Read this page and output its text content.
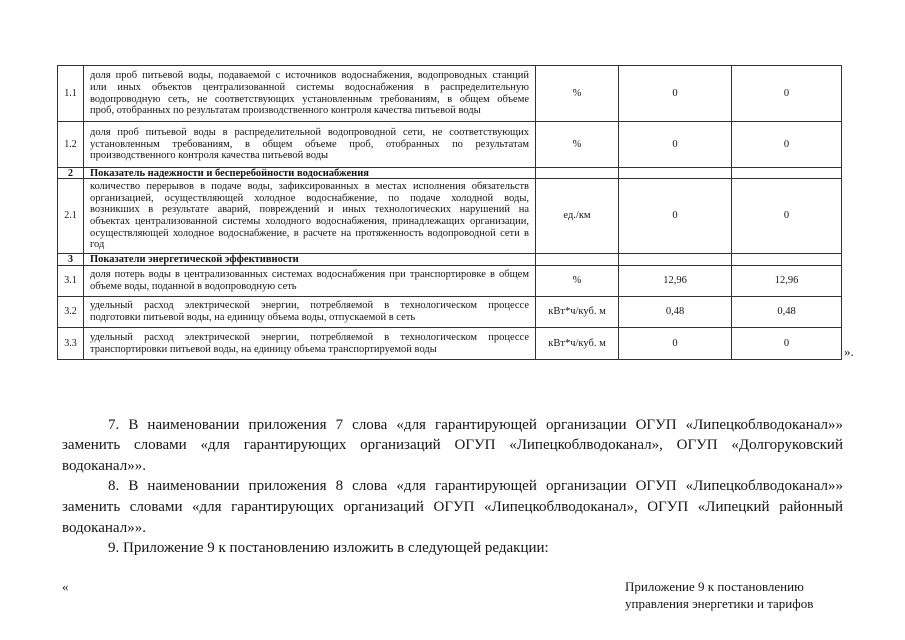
1.1
доля проб питьевой воды, подаваемой с источников водоснабжения, водопроводных станций
или иных объектов централизованной системы водоснабжения в распределительную
водопроводную сеть, не соответствующих установленным требованиям, в общем объеме
проб, отобранных по результатам производственного контроля качества питьевой воды
%	0	0
1.2
доля проб питьевой воды в распределительной водопроводной сети, не соответствующих
установленным требованиям, в общем объеме проб, отобранных по результатам
производственного контроля качества питьевой воды
%	0	0
2	Показатель надежности и бесперебойности водоснабжения
2.1
количество перерывов в подаче воды, зафиксированных в местах исполнения обязательств
организацией, осуществляющей холодное водоснабжение, по подаче холодной воды,
возникших в результате аварий, повреждений и иных технологических нарушений на
объектах централизованной системы холодного водоснабжения, принадлежащих организации,
осуществляющей холодное водоснабжение, в расчете на протяженность водопроводной сети в
год
ед./км	0	0
3	Показатели энергетической эффективности
3.1
доля потерь воды в централизованных системах водоснабжения при транспортировке в общем
объеме воды, поданной в водопроводную сеть
%	12,96	12,96
3.2
удельный расход электрической энергии, потребляемой в технологическом процессе
подготовки питьевой воды, на единицу объема воды, отпускаемой в сеть
кВт*ч/куб. м	0,48	0,48
3.3
удельный расход электрической энергии, потребляемой в технологическом процессе
транспортировки питьевой воды, на единицу объема транспортируемой воды
кВт*ч/куб. м	0	0
».
7. В наименовании приложения 7 слова «для гарантирующей организации ОГУП «Липецкоблводоканал»»
заменить словами «для гарантирующих организаций ОГУП «Липецкоблводоканал», ОГУП «Долгоруковский
водоканал»».
8. В наименовании приложения 8 слова «для гарантирующей организации ОГУП «Липецкоблводоканал»»
заменить словами «для гарантирующих организаций ОГУП «Липецкоблводоканал», ОГУП «Липецкий районный
водоканал»».
9. Приложение 9 к постановлению изложить в следующей редакции:
«	Приложение 9 к постановлению
управления энергетики и тарифов
